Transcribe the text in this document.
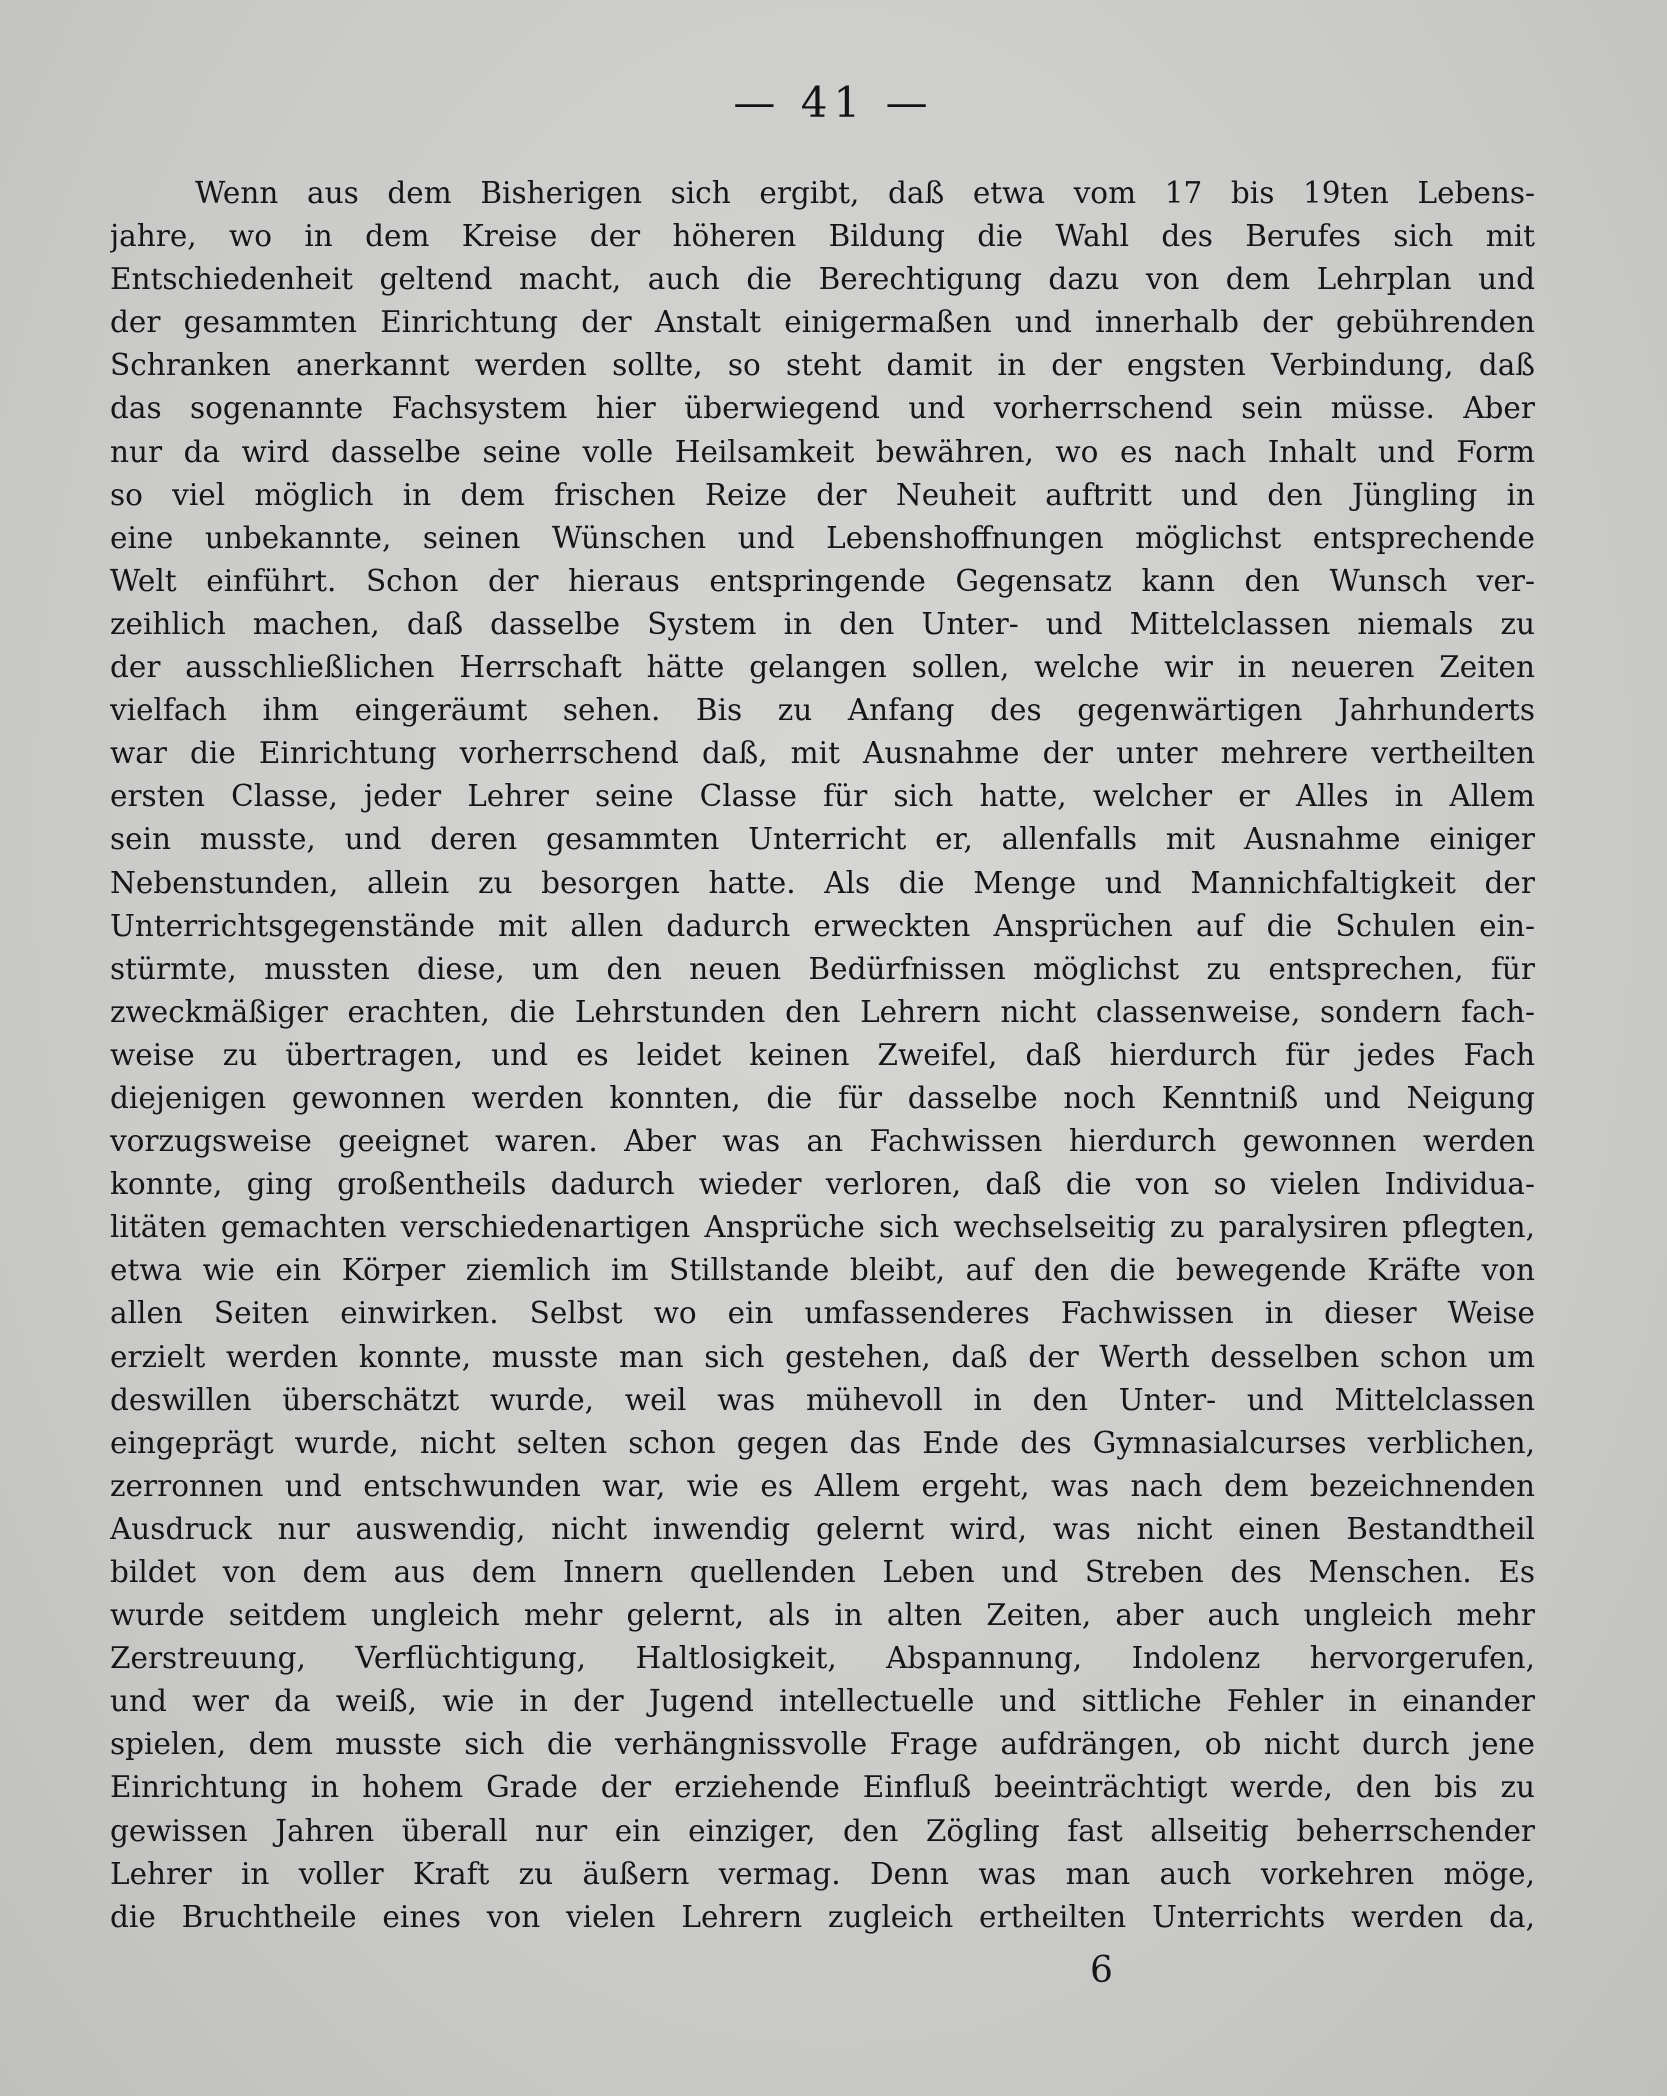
— 41 —
Wenn aus dem Bisherigen sich ergibt, daß etwa vom 17 bis 19ten Lebens-
jahre, wo in dem Kreise der höheren Bildung die Wahl des Berufes sich mit
Entschiedenheit geltend macht, auch die Berechtigung dazu von dem Lehrplan und
der gesammten Einrichtung der Anstalt einigermaßen und innerhalb der gebührenden
Schranken anerkannt werden sollte, so steht damit in der engsten Verbindung, daß
das sogenannte Fachsystem hier überwiegend und vorherrschend sein müsse. Aber
nur da wird dasselbe seine volle Heilsamkeit bewähren, wo es nach Inhalt und Form
so viel möglich in dem frischen Reize der Neuheit auftritt und den Jüngling in
eine unbekannte, seinen Wünschen und Lebenshoffnungen möglichst entsprechende
Welt einführt. Schon der hieraus entspringende Gegensatz kann den Wunsch ver-
zeihlich machen, daß dasselbe System in den Unter- und Mittelclassen niemals zu
der ausschließlichen Herrschaft hätte gelangen sollen, welche wir in neueren Zeiten
vielfach ihm eingeräumt sehen. Bis zu Anfang des gegenwärtigen Jahrhunderts
war die Einrichtung vorherrschend daß, mit Ausnahme der unter mehrere vertheilten
ersten Classe, jeder Lehrer seine Classe für sich hatte, welcher er Alles in Allem
sein musste, und deren gesammten Unterricht er, allenfalls mit Ausnahme einiger
Nebenstunden, allein zu besorgen hatte. Als die Menge und Mannichfaltigkeit der
Unterrichtsgegenstände mit allen dadurch erweckten Ansprüchen auf die Schulen ein-
stürmte, mussten diese, um den neuen Bedürfnissen möglichst zu entsprechen, für
zweckmäßiger erachten, die Lehrstunden den Lehrern nicht classenweise, sondern fach-
weise zu übertragen, und es leidet keinen Zweifel, daß hierdurch für jedes Fach
diejenigen gewonnen werden konnten, die für dasselbe noch Kenntniß und Neigung
vorzugsweise geeignet waren. Aber was an Fachwissen hierdurch gewonnen werden
konnte, ging großentheils dadurch wieder verloren, daß die von so vielen Individua-
litäten gemachten verschiedenartigen Ansprüche sich wechselseitig zu paralysiren pflegten,
etwa wie ein Körper ziemlich im Stillstande bleibt, auf den die bewegende Kräfte von
allen Seiten einwirken. Selbst wo ein umfassenderes Fachwissen in dieser Weise
erzielt werden konnte, musste man sich gestehen, daß der Werth desselben schon um
deswillen überschätzt wurde, weil was mühevoll in den Unter- und Mittelclassen
eingeprägt wurde, nicht selten schon gegen das Ende des Gymnasialcurses verblichen,
zerronnen und entschwunden war, wie es Allem ergeht, was nach dem bezeichnenden
Ausdruck nur auswendig, nicht inwendig gelernt wird, was nicht einen Bestandtheil
bildet von dem aus dem Innern quellenden Leben und Streben des Menschen. Es
wurde seitdem ungleich mehr gelernt, als in alten Zeiten, aber auch ungleich mehr
Zerstreuung, Verflüchtigung, Haltlosigkeit, Abspannung, Indolenz hervorgerufen,
und wer da weiß, wie in der Jugend intellectuelle und sittliche Fehler in einander
spielen, dem musste sich die verhängnissvolle Frage aufdrängen, ob nicht durch jene
Einrichtung in hohem Grade der erziehende Einfluß beeinträchtigt werde, den bis zu
gewissen Jahren überall nur ein einziger, den Zögling fast allseitig beherrschender
Lehrer in voller Kraft zu äußern vermag. Denn was man auch vorkehren möge,
die Bruchtheile eines von vielen Lehrern zugleich ertheilten Unterrichts werden da,
6
